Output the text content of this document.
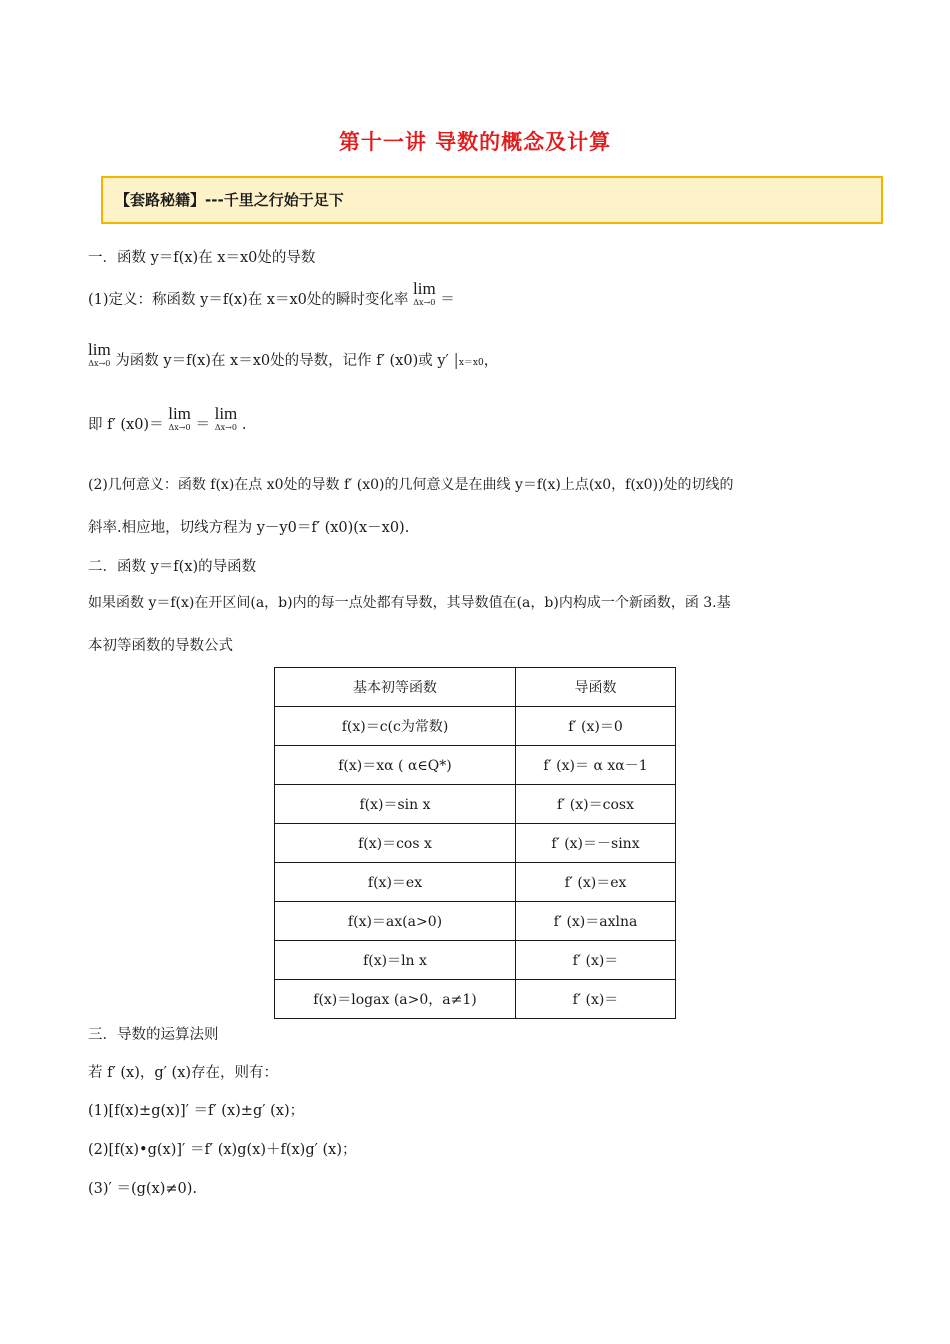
第十一讲 导数的概念及计算
【套路秘籍】---千里之行始于足下
一．函数 y＝f(x)在 x＝x0处的导数
(1)定义：称函数 y＝f(x)在 x＝x0处的瞬时变化率
lim
Δx→0 ＝
lim
Δx→0 为函数 y＝f(x)在 x＝x0处的导数，记作 f′ (x0)或 y′ |x＝x0，
即 f′ (x0)＝
lim
Δx→0 ＝
lim
Δx→0 .
(2)几何意义：函数 f(x)在点 x0处的导数 f′ (x0)的几何意义是在曲线 y＝f(x)上点(x0，f(x0))处的切线的
斜率.相应地，切线方程为 y－y0＝f′ (x0)(x－x0).
二．函数 y＝f(x)的导函数
如果函数 y＝f(x)在开区间(a，b)内的每一点处都有导数，其导数值在(a，b)内构成一个新函数，函 3.基
本初等函数的导数公式
基本初等函数	导函数
f(x)＝c(c为常数)	f′ (x)＝0
f(x)＝xα ( α∈Q*)	f′ (x)＝ α xα－1
f(x)＝sin x	f′ (x)＝cosx
f(x)＝cos x	f′ (x)＝－sinx
f(x)＝ex	f′ (x)＝ex
f(x)＝ax(a>0)	f′ (x)＝axlna
f(x)＝ln x	f′ (x)＝
f(x)＝logax (a>0，a≠1)	f′ (x)＝
三．导数的运算法则
若 f′ (x)，g′ (x)存在，则有：
(1)[f(x)±g(x)]′ ＝f′ (x)±g′ (x)；
(2)[f(x)•g(x)]′ ＝f′ (x)g(x)＋f(x)g′ (x)；
(3)′ ＝(g(x)≠0).
